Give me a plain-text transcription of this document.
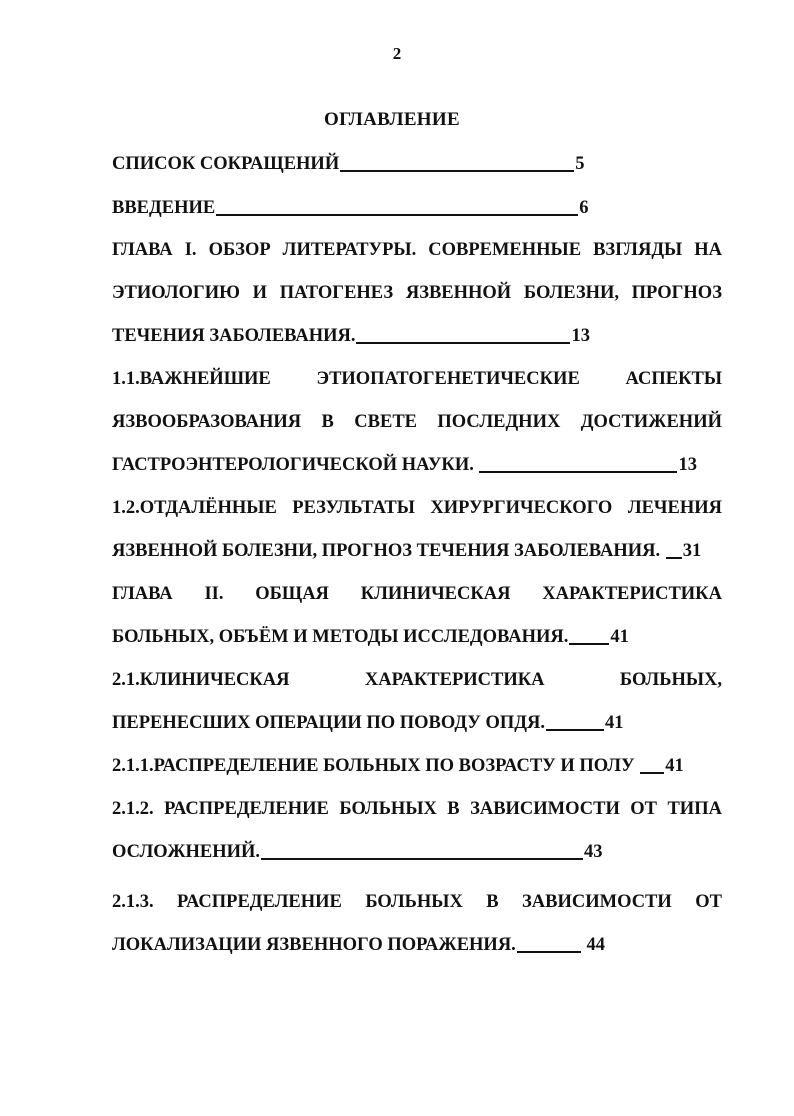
2
ОГЛАВЛЕНИЕ
СПИСОК СОКРАЩЕНИЙ	5
ВВЕДЕНИЕ	6
ГЛАВА I. ОБЗОР ЛИТЕРАТУРЫ. СОВРЕМЕННЫЕ ВЗГЛЯДЫ НА
ЭТИОЛОГИЮ И ПАТОГЕНЕЗ ЯЗВЕННОЙ БОЛЕЗНИ, ПРОГНОЗ
ТЕЧЕНИЯ ЗАБОЛЕВАНИЯ.	13
1.1.ВАЖНЕЙШИЕ ЭТИОПАТОГЕНЕТИЧЕСКИЕ АСПЕКТЫ
ЯЗВООБРАЗОВАНИЯ В СВЕТЕ ПОСЛЕДНИХ ДОСТИЖЕНИЙ
ГАСТРОЭНТЕРОЛОГИЧЕСКОЙ НАУКИ.	13
1.2.ОТДАЛЁННЫЕ РЕЗУЛЬТАТЫ ХИРУРГИЧЕСКОГО ЛЕЧЕНИЯ
ЯЗВЕННОЙ БОЛЕЗНИ, ПРОГНОЗ ТЕЧЕНИЯ ЗАБОЛЕВАНИЯ. 31
ГЛАВА II. ОБЩАЯ КЛИНИЧЕСКАЯ ХАРАКТЕРИСТИКА
БОЛЬНЫХ, ОБЪЁМ И МЕТОДЫ ИССЛЕДОВАНИЯ. 41
2.1.КЛИНИЧЕСКАЯ	ХАРАКТЕРИСТИКА	БОЛЬНЫХ,
ПЕРЕНЕСШИХ ОПЕРАЦИИ ПО ПОВОДУ ОПДЯ.	41
2.1.1.РАСПРЕДЕЛЕНИЕ БОЛЬНЫХ ПО ВОЗРАСТУ И ПОЛУ 41
2.1.2. РАСПРЕДЕЛЕНИЕ БОЛЬНЫХ В ЗАВИСИМОСТИ ОТ ТИПА
ОСЛОЖНЕНИЙ.	43
2.1.3. РАСПРЕДЕЛЕНИЕ БОЛЬНЫХ В ЗАВИСИМОСТИ ОТ
ЛОКАЛИЗАЦИИ ЯЗВЕННОГО ПОРАЖЕНИЯ.	44
